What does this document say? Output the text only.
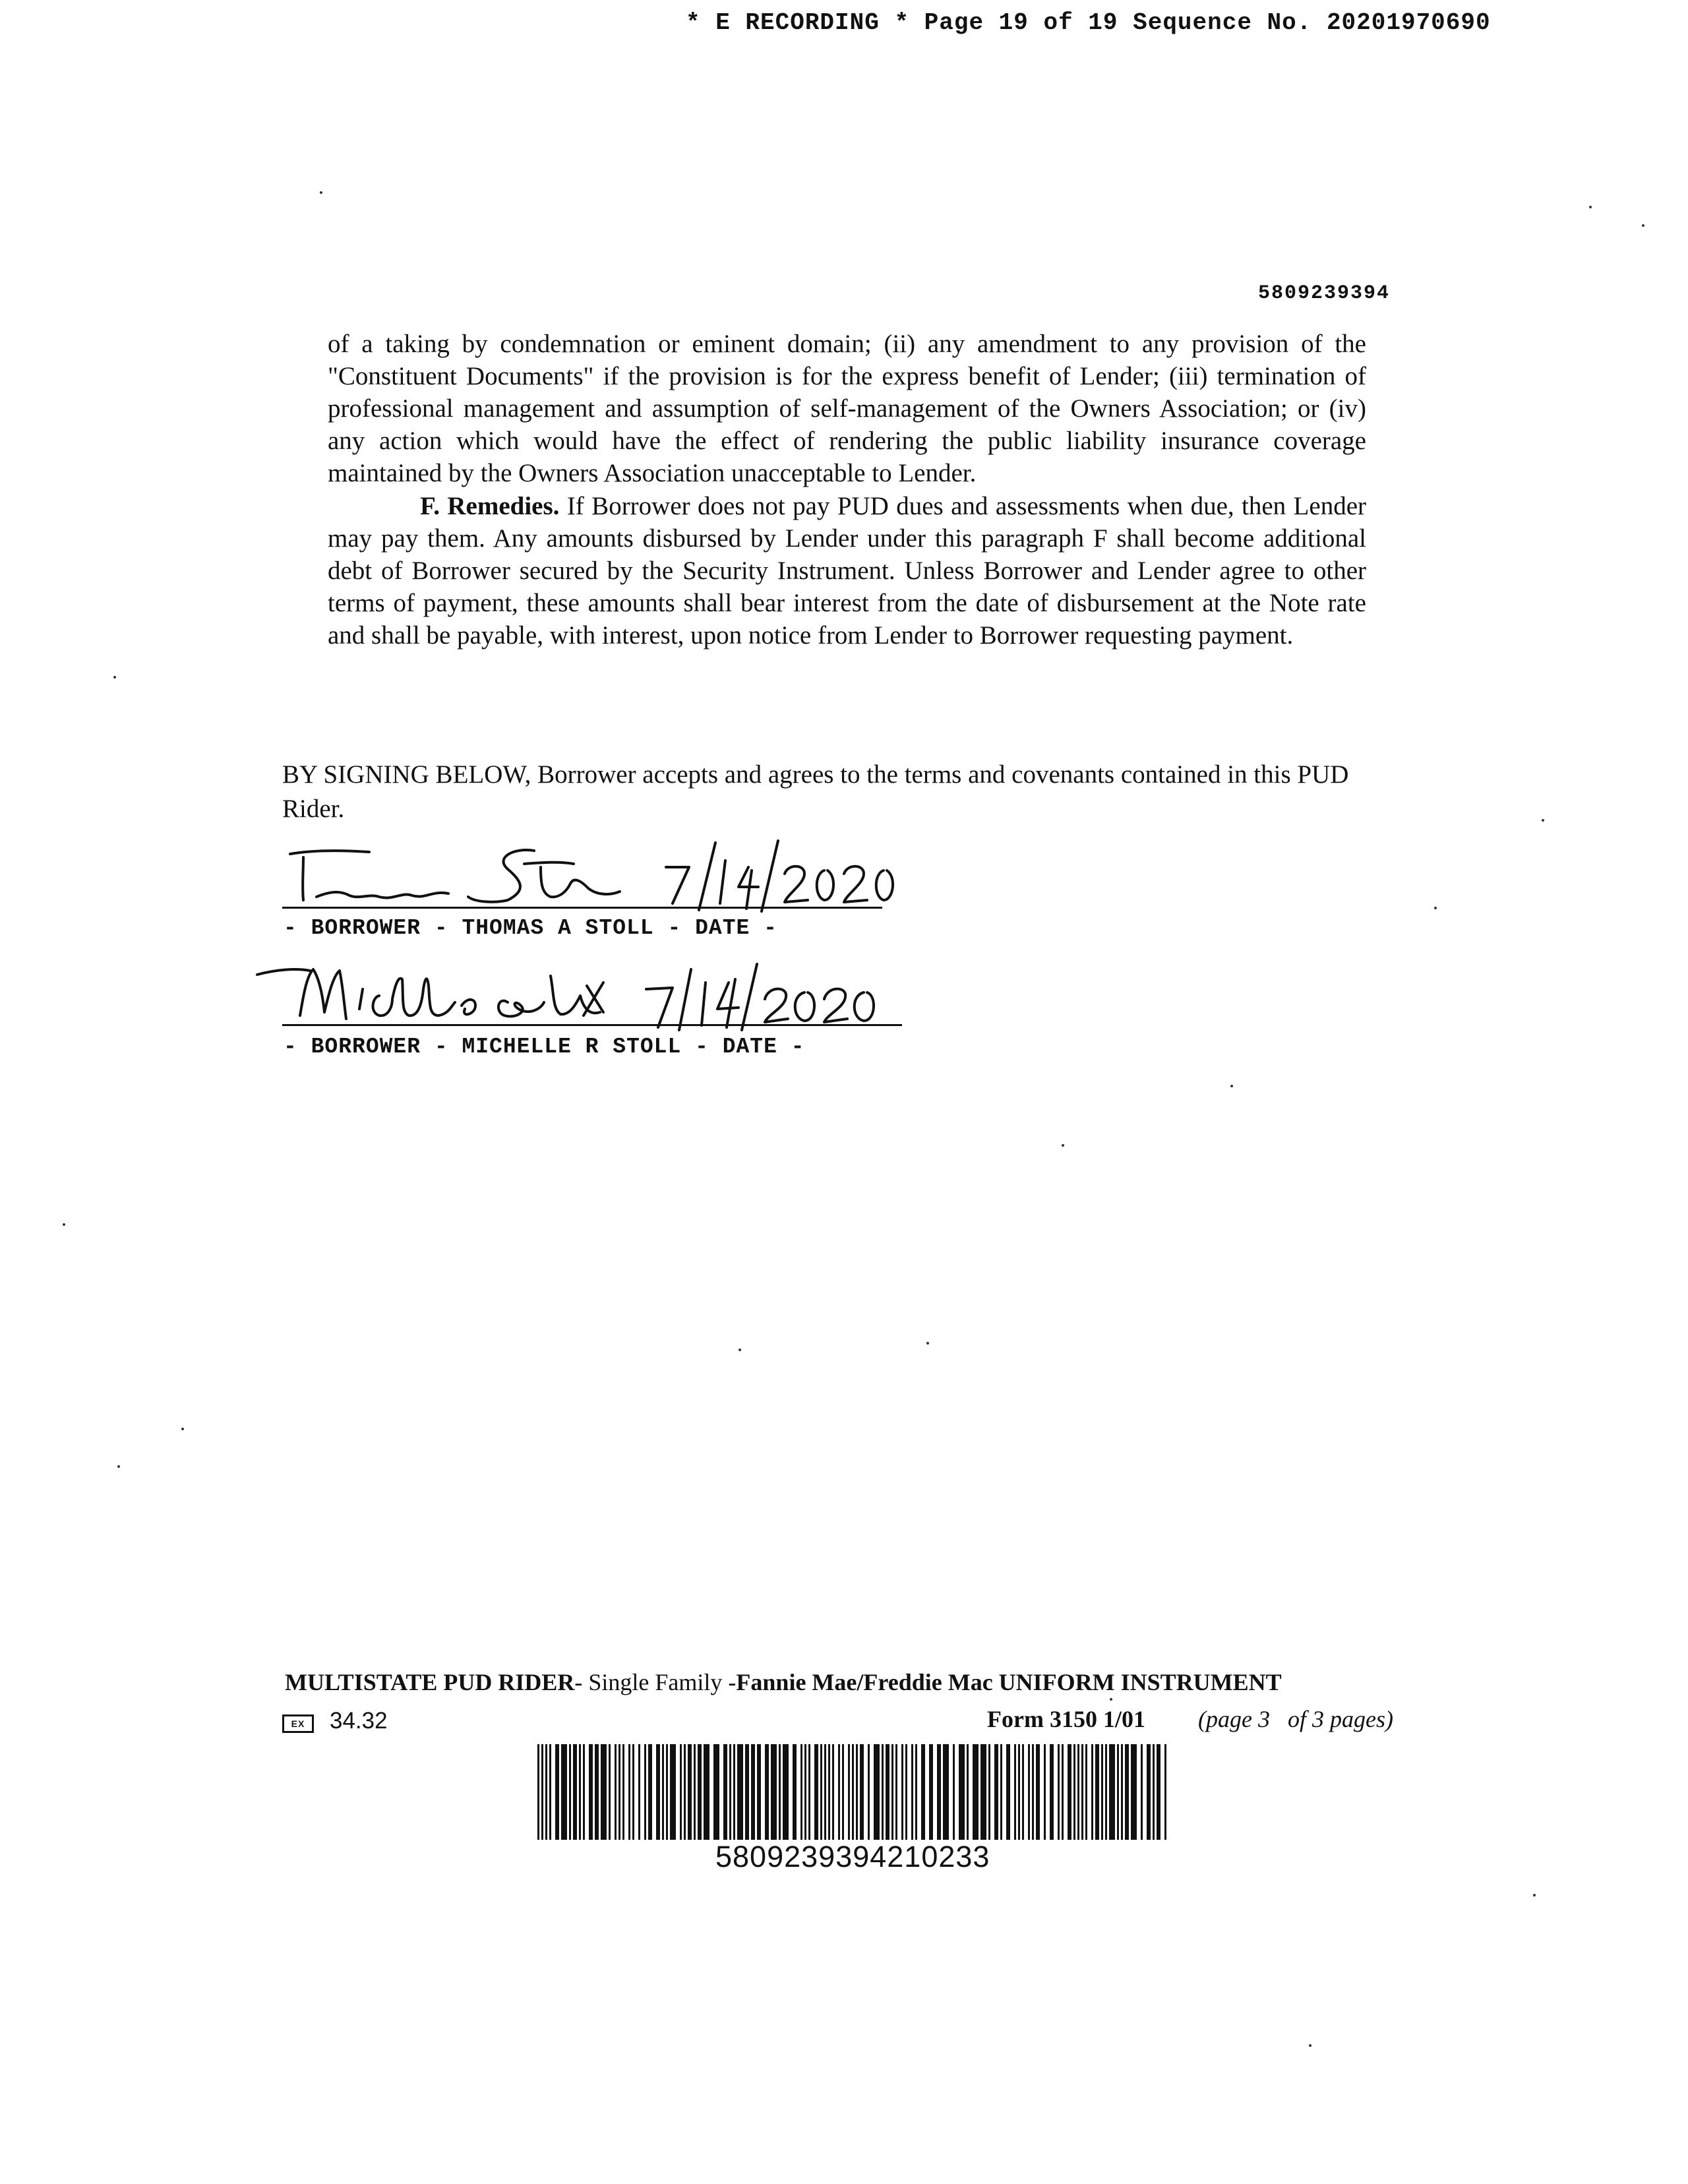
* E RECORDING * Page 19 of 19 Sequence No. 20201970690
5809239394
of a taking by condemnation or eminent domain; (ii) any amendment to any provision of the "Constituent Documents" if the provision is for the express benefit of Lender; (iii) termination of professional management and assumption of self-management of the Owners Association; or (iv) any action which would have the effect of rendering the public liability insurance coverage maintained by the Owners Association unacceptable to Lender.
F. Remedies. If Borrower does not pay PUD dues and assessments when due, then Lender may pay them. Any amounts disbursed by Lender under this paragraph F shall become additional debt of Borrower secured by the Security Instrument. Unless Borrower and Lender agree to other terms of payment, these amounts shall bear interest from the date of disbursement at the Note rate and shall be payable, with interest, upon notice from Lender to Borrower requesting payment.
BY SIGNING BELOW, Borrower accepts and agrees to the terms and covenants contained in this PUD Rider.
- BORROWER - THOMAS A STOLL - DATE -
- BORROWER - MICHELLE R STOLL - DATE -
MULTISTATE PUD RIDER- Single Family -Fannie Mae/Freddie Mac UNIFORM INSTRUMENT
EX	34.32	Form 3150 1/01 (page 3   of 3 pages)
5809239394210233
